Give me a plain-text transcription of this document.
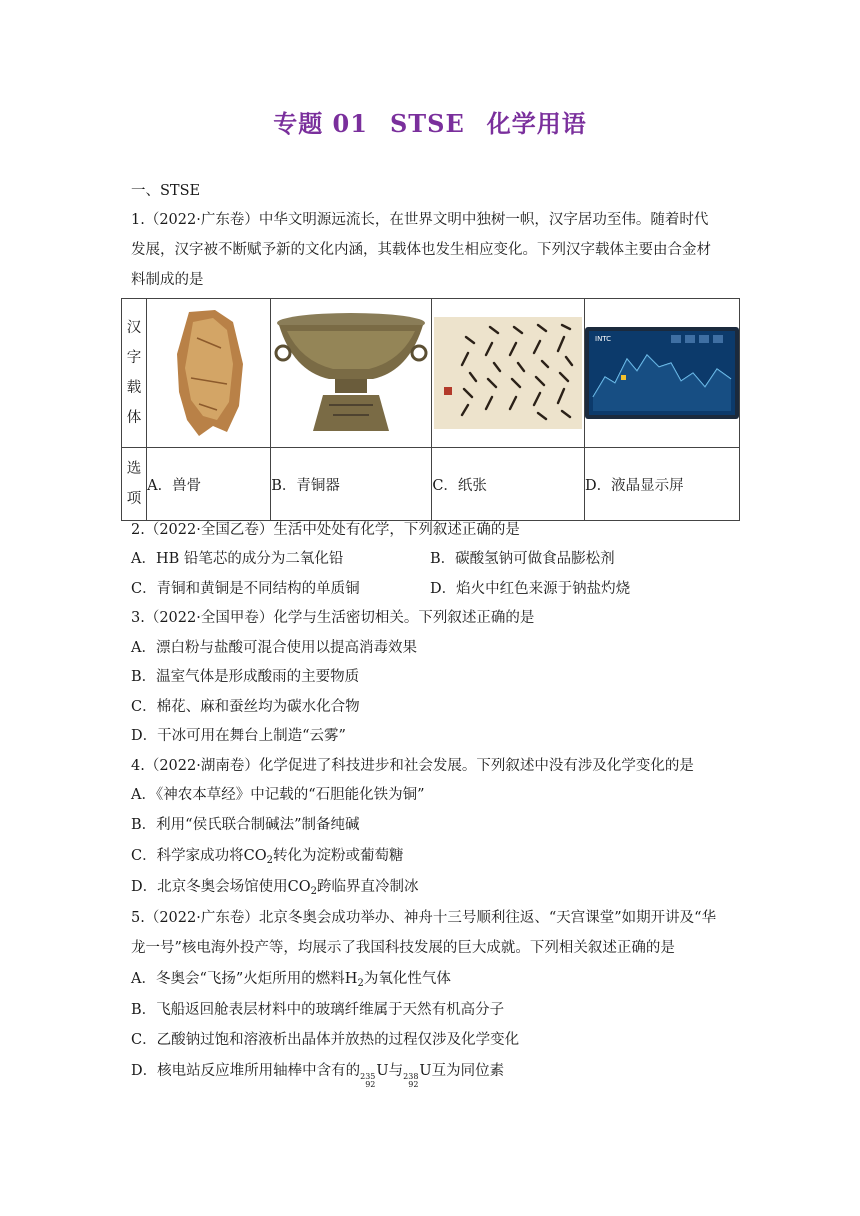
专题 01 STSE 化学用语
一、STSE
1.（2022·广东卷）中华文明源远流长，在世界文明中独树一帜，汉字居功至伟。随着时代
发展，汉字被不断赋予新的文化内涵，其载体也发生相应变化。下列汉字载体主要由合金材
料制成的是
汉
字
载
体				INTC

选
项	A．兽骨	B．青铜器	C．纸张	D．液晶显示屏
2.（2022·全国乙卷）生活中处处有化学，下列叙述正确的是
A．HB 铅笔芯的成分为二氧化铅	B．碳酸氢钠可做食品膨松剂
C．青铜和黄铜是不同结构的单质铜	D．焰火中红色来源于钠盐灼烧
3.（2022·全国甲卷）化学与生活密切相关。下列叙述正确的是
A．漂白粉与盐酸可混合使用以提高消毒效果
B．温室气体是形成酸雨的主要物质
C．棉花、麻和蚕丝均为碳水化合物
D．干冰可用在舞台上制造“云雾”
4.（2022·湖南卷）化学促进了科技进步和社会发展。下列叙述中没有涉及化学变化的是
A．《神农本草经》中记载的“石胆能化铁为铜”
B．利用“侯氏联合制碱法”制备纯碱
C．科学家成功将$CO_2$转化为淀粉或葡萄糖
D．北京冬奥会场馆使用$CO_2$跨临界直冷制冰
5.（2022·广东卷）北京冬奥会成功举办、神舟十三号顺利往返、“天宫课堂”如期开讲及“华
龙一号”核电海外投产等，均展示了我国科技发展的巨大成就。下列相关叙述正确的是
A．冬奥会“飞扬”火炬所用的燃料$H_2$为氧化性气体
B．飞船返回舱表层材料中的玻璃纤维属于天然有机高分子
C．乙酸钠过饱和溶液析出晶体并放热的过程仅涉及化学变化
D．核电站反应堆所用轴棒中含有的 235
92
U与 238
92
U互为同位素
